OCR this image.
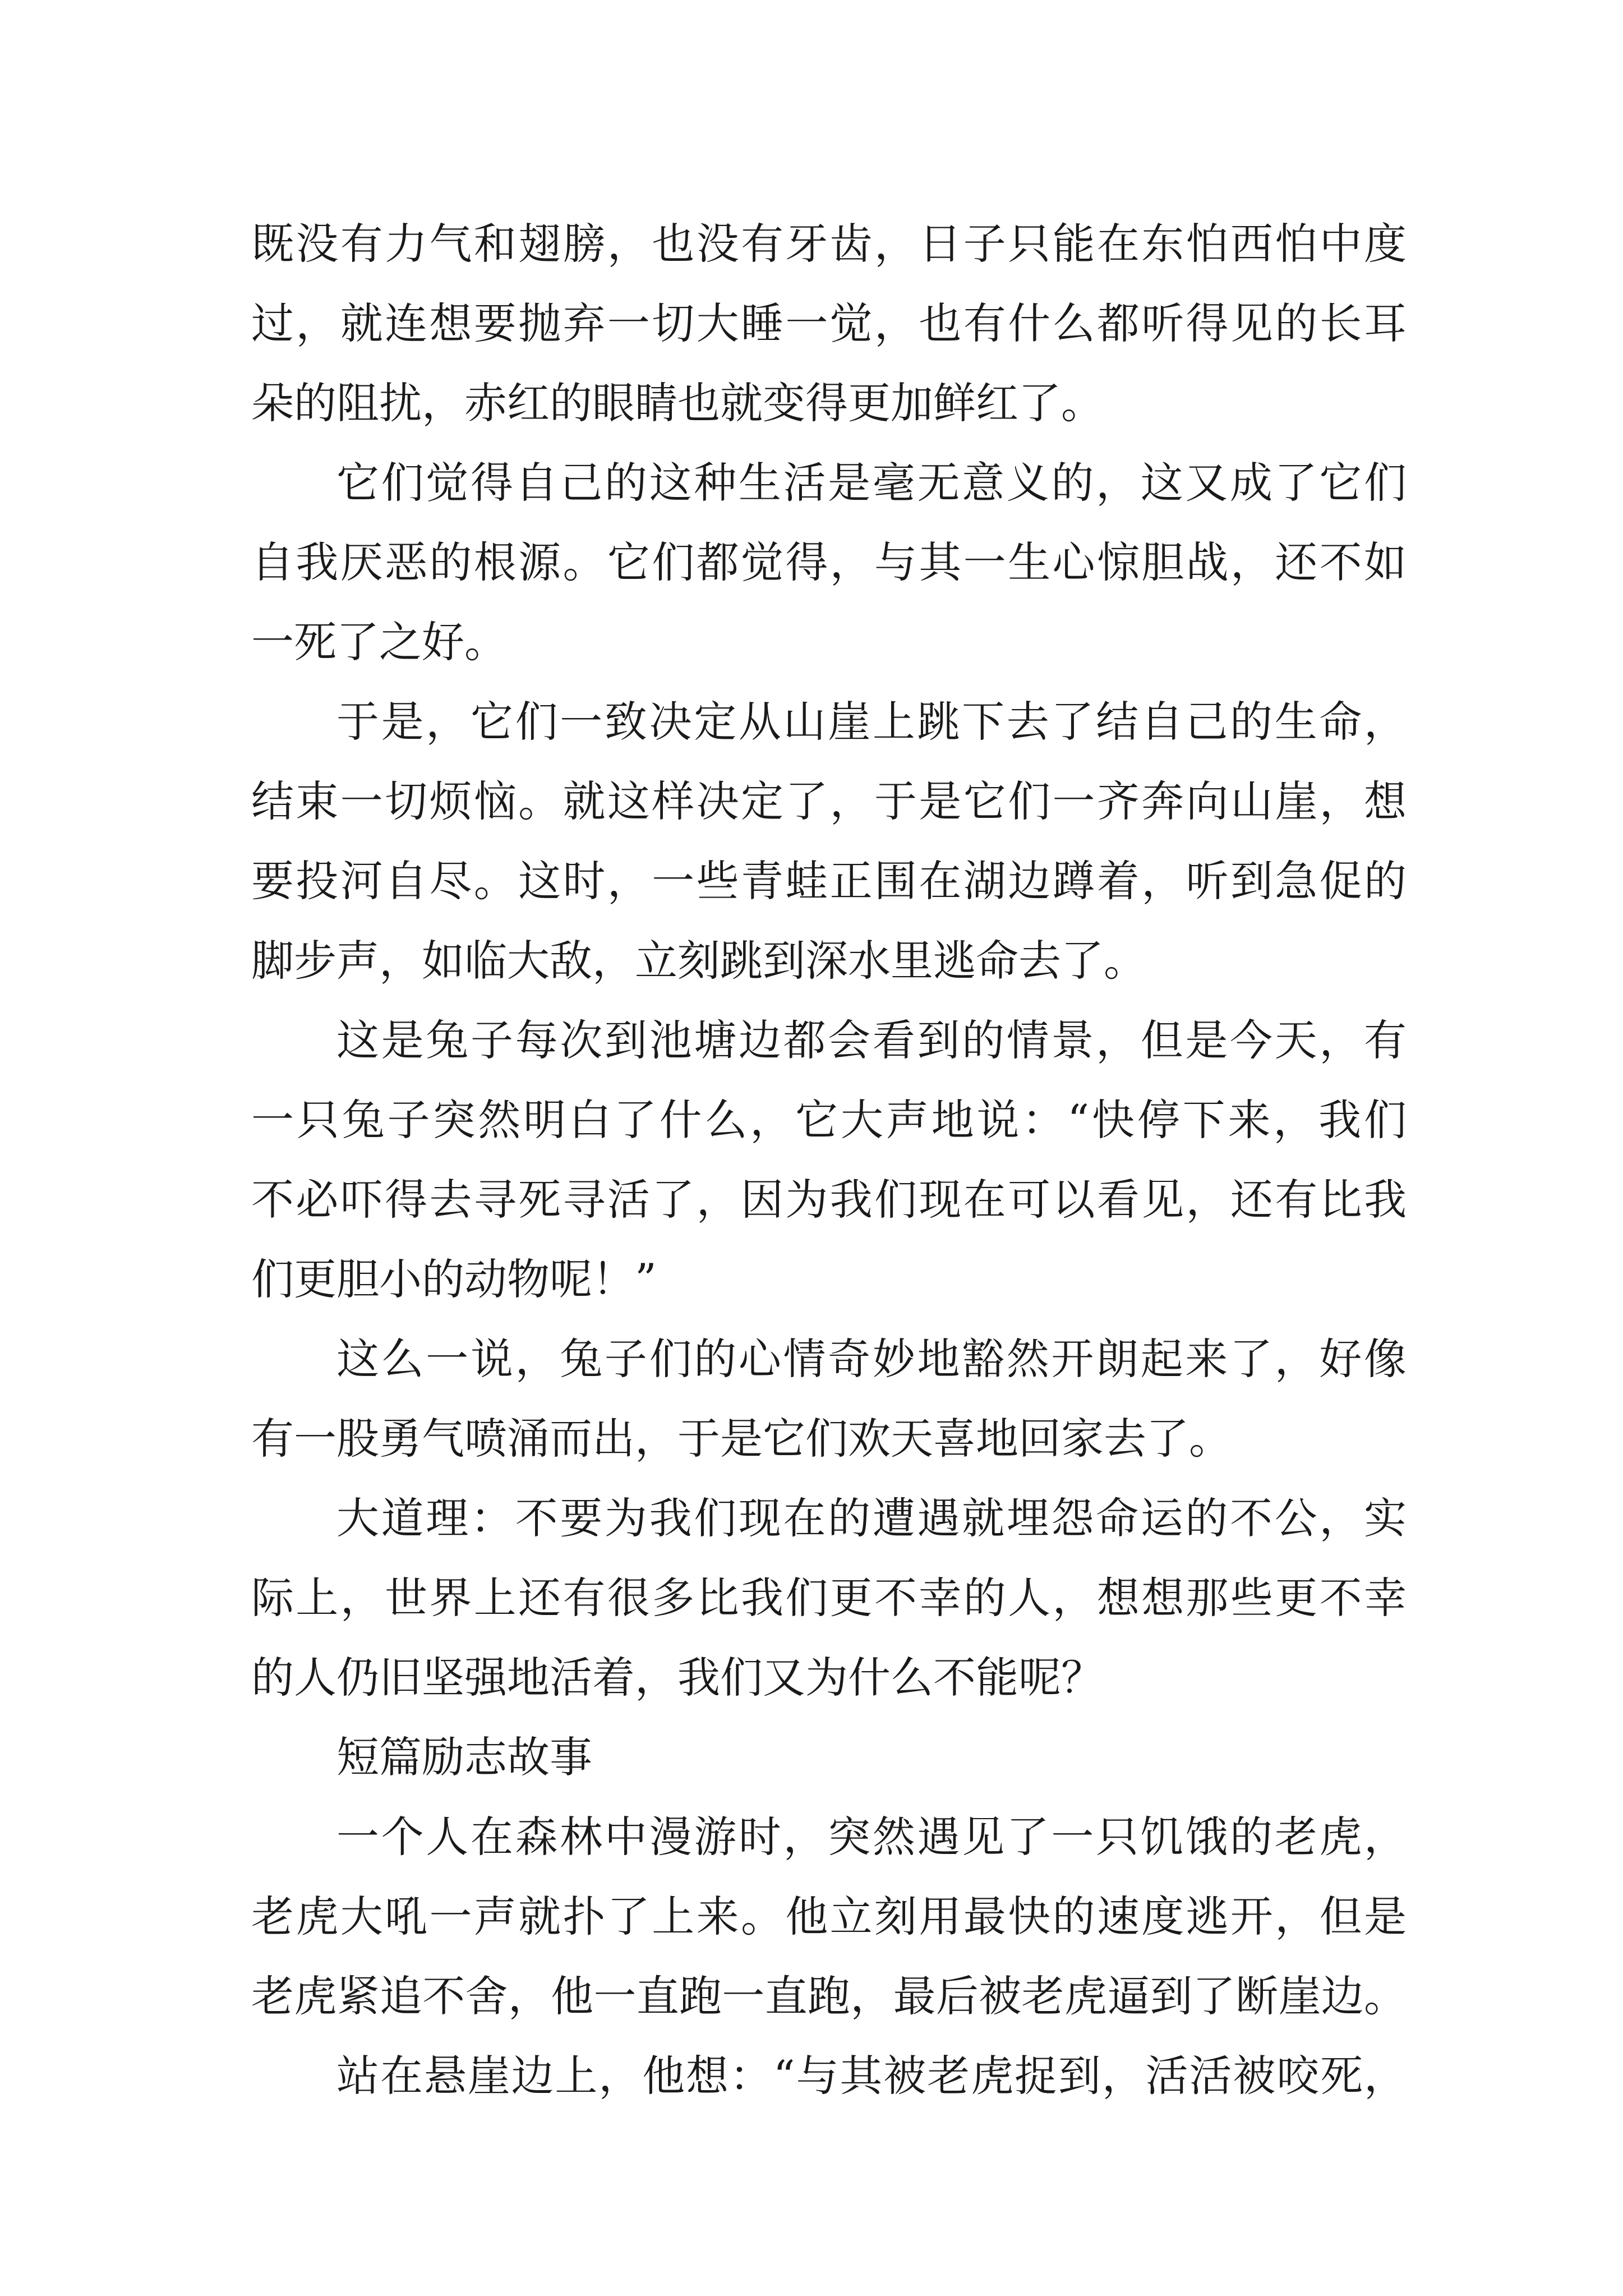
既没有力气和翅膀，也没有牙齿，日子只能在东怕西怕中度
过，就连想要抛弃一切大睡一觉，也有什么都听得见的长耳
朵的阻扰，赤红的眼睛也就变得更加鲜红了。
它们觉得自己的这种生活是毫无意义的，这又成了它们
自我厌恶的根源。它们都觉得，与其一生心惊胆战，还不如
一死了之好。
于是，它们一致决定从山崖上跳下去了结自己的生命，
结束一切烦恼。就这样决定了，于是它们一齐奔向山崖，想
要投河自尽。这时，一些青蛙正围在湖边蹲着，听到急促的
脚步声，如临大敌，立刻跳到深水里逃命去了。
这是兔子每次到池塘边都会看到的情景，但是今天，有
一只兔子突然明白了什么，它大声地说：“快停下来，我们
不必吓得去寻死寻活了，因为我们现在可以看见，还有比我
们更胆小的动物呢！”
这么一说，兔子们的心情奇妙地豁然开朗起来了，好像
有一股勇气喷涌而出，于是它们欢天喜地回家去了。
大道理：不要为我们现在的遭遇就埋怨命运的不公，实
际上，世界上还有很多比我们更不幸的人，想想那些更不幸
的人仍旧坚强地活着，我们又为什么不能呢？
短篇励志故事
一个人在森林中漫游时，突然遇见了一只饥饿的老虎，
老虎大吼一声就扑了上来。他立刻用最快的速度逃开，但是
老虎紧追不舍，他一直跑一直跑，最后被老虎逼到了断崖边。
站在悬崖边上，他想：“与其被老虎捉到，活活被咬死，
